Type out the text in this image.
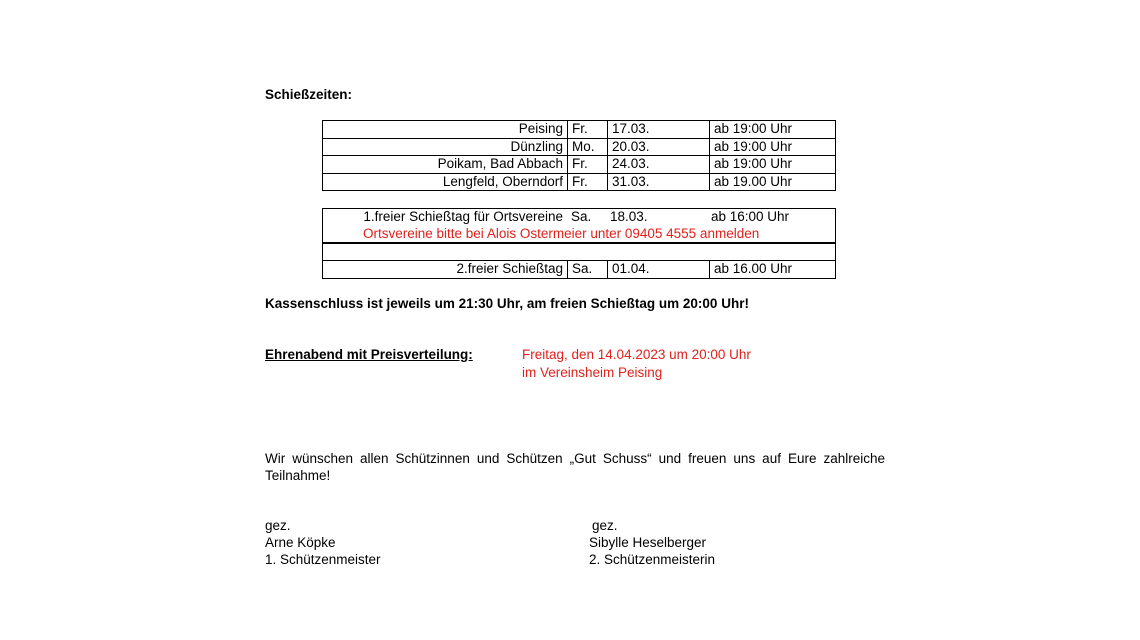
Schießzeiten:
Peising	Fr.	17.03.	ab 19:00 Uhr
Dünzling	Mo.	20.03.	ab 19:00 Uhr
Poikam, Bad Abbach	Fr.	24.03.	ab 19:00 Uhr
Lengfeld, Oberndorf	Fr.	31.03.	ab 19.00 Uhr
1.freier Schießtag für Ortsvereine	Sa.	18.03.	ab 16:00 Uhr
Ortsvereine bitte bei Alois Ostermeier unter 09405 4555 anmelden

2.freier Schießtag	Sa.	01.04.	ab 16.00 Uhr
Kassenschluss ist jeweils um 21:30 Uhr, am freien Schießtag um 20:00 Uhr!
Ehrenabend mit Preisverteilung:	Freitag, den 14.04.2023 um 20:00 Uhr
im Vereinsheim Peising
Wir wünschen allen Schützinnen und Schützen „Gut Schuss“ und freuen uns auf Eure zahlreiche Teilnahme!
gez.
Arne Köpke
1. Schützenmeister
gez.
Sibylle Heselberger
2. Schützenmeisterin
